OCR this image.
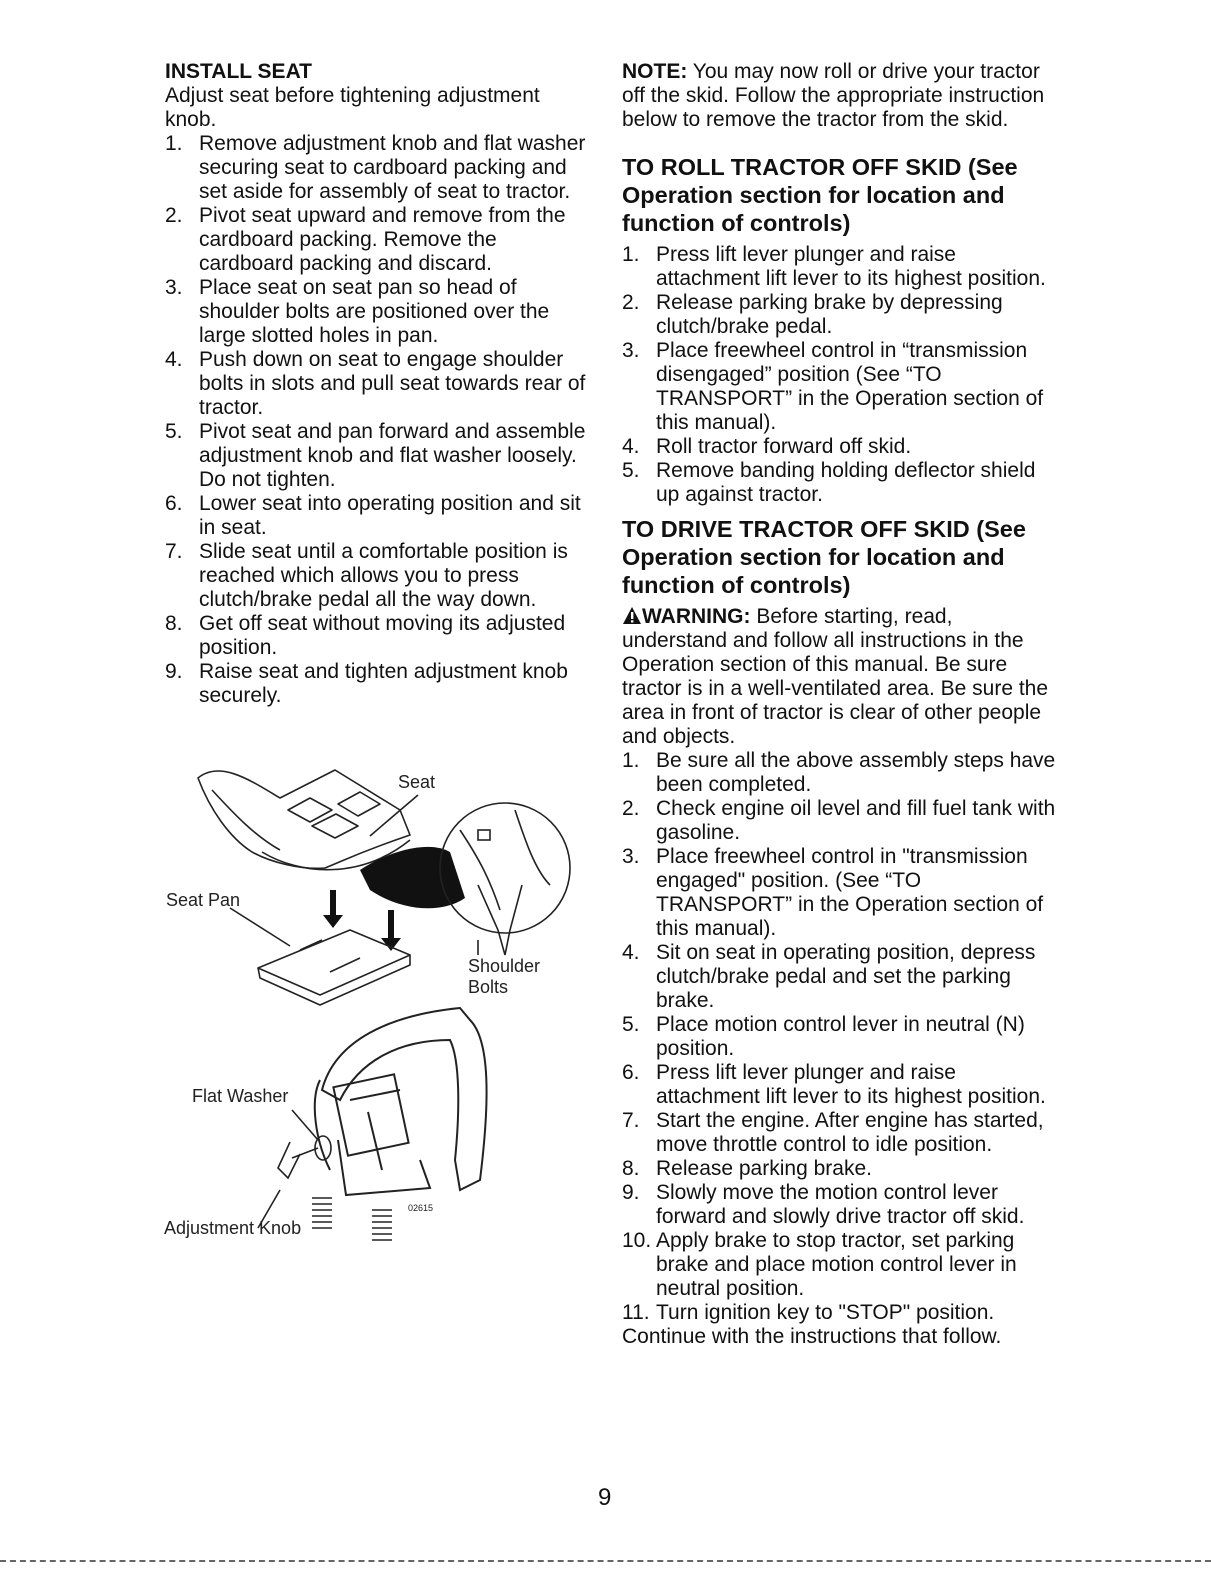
INSTALL SEAT

Adjust seat before tightening adjustment knob.

1. Remove adjustment knob and flat washer securing seat to cardboard packing and set aside for assembly of seat to tractor.
2. Pivot seat upward and remove from the cardboard packing. Remove the cardboard packing and discard.
3. Place seat on seat pan so head of shoulder bolts are positioned over the large slotted holes in pan.
4. Push down on seat to engage shoulder bolts in slots and pull seat towards rear of tractor.
5. Pivot seat and pan forward and assemble adjustment knob and flat washer loosely. Do not tighten.
6. Lower seat into operating position and sit in seat.
7. Slide seat until a comfortable position is reached which allows you to press clutch/brake pedal all the way down.
8. Get off seat without moving its adjusted position.
9. Raise seat and tighten adjustment knob securely.
Seat
Seat Pan
Shoulder
Bolts
Flat Washer
Adjustment Knob
02615

NOTE: You may now roll or drive your tractor off the skid. Follow the appropriate instruction below to remove the tractor from the skid.

TO ROLL TRACTOR OFF SKID (See Operation section for location and function of controls)

1. Press lift lever plunger and raise attachment lift lever to its highest position.
2. Release parking brake by depressing clutch/brake pedal.
3. Place freewheel control in “transmission disengaged” position (See “TO TRANSPORT” in the Operation section of this manual).
4. Roll tractor forward off skid.
5. Remove banding holding deflector shield up against tractor.

TO DRIVE TRACTOR OFF SKID (See Operation section for location and function of controls)

WARNING: Before starting, read, understand and follow all instructions in the Operation section of this manual. Be sure tractor is in a well-ventilated area. Be sure the area in front of tractor is clear of other people and objects.

1. Be sure all the above assembly steps have been completed.
2. Check engine oil level and fill fuel tank with gasoline.
3. Place freewheel control in "transmission engaged" position. (See “TO TRANSPORT” in the Operation section of this manual).
4. Sit on seat in operating position, depress clutch/brake pedal and set the parking brake.
5. Place motion control lever in neutral (N) position.
6. Press lift lever plunger and raise attachment lift lever to its highest position.
7. Start the engine. After engine has started, move throttle control to idle position.
8. Release parking brake.
9. Slowly move the motion control lever forward and slowly drive tractor off skid.
10. Apply brake to stop tractor, set parking brake and place motion control lever in neutral position.
11. Turn ignition key to "STOP" position.

Continue with the instructions that follow.

9
